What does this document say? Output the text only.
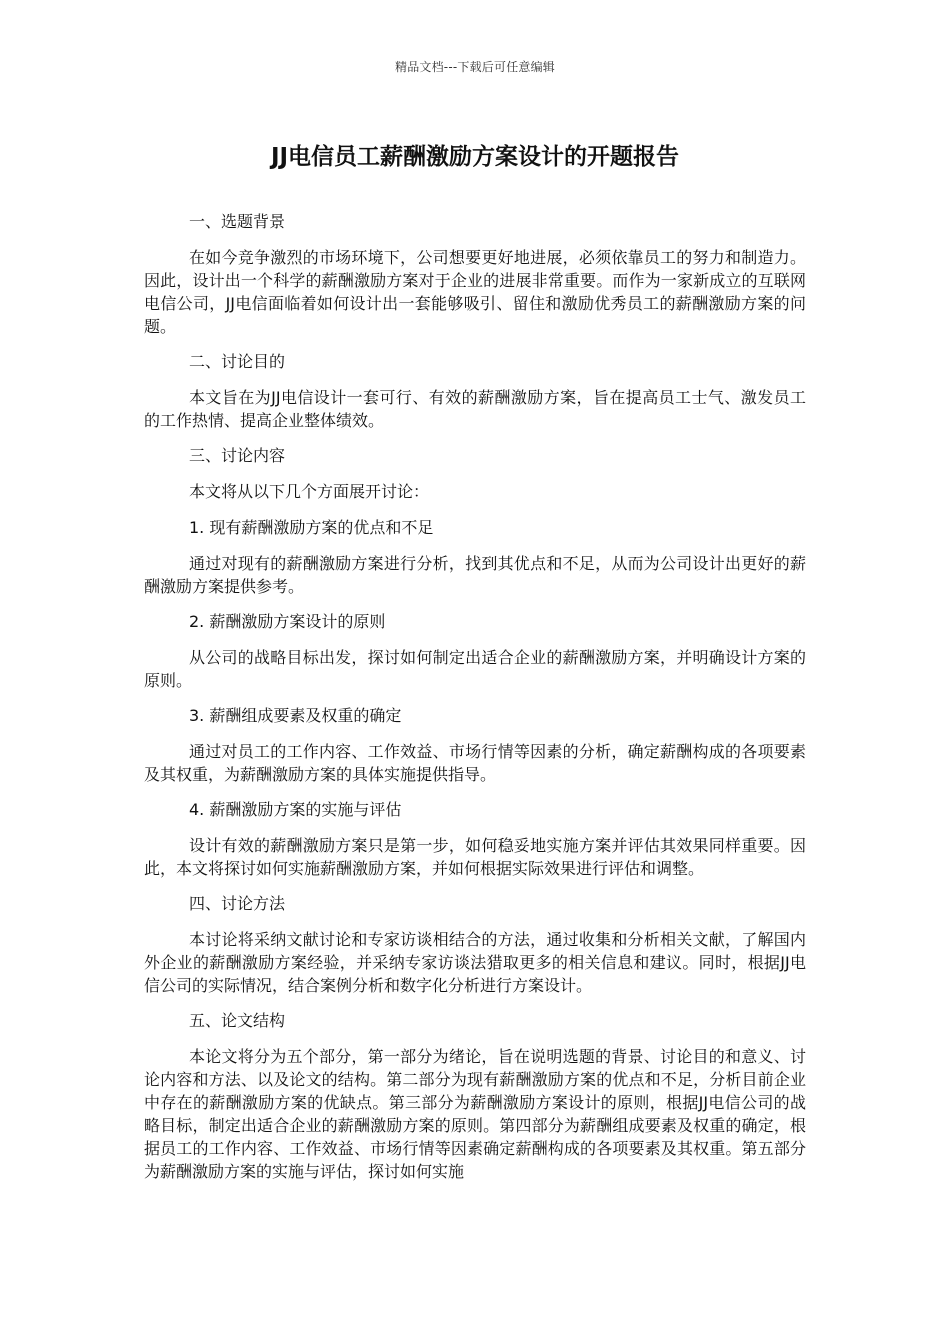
精品文档---下载后可任意编辑
JJ电信员工薪酬激励方案设计的开题报告

一、选题背景

在如今竞争激烈的市场环境下，公司想要更好地进展，必须依靠员工的努力和制造力。因此，设计出一个科学的薪酬激励方案对于企业的进展非常重要。而作为一家新成立的互联网电信公司，JJ电信面临着如何设计出一套能够吸引、留住和激励优秀员工的薪酬激励方案的问题。

二、讨论目的

本文旨在为JJ电信设计一套可行、有效的薪酬激励方案，旨在提高员工士气、激发员工的工作热情、提高企业整体绩效。

三、讨论内容

本文将从以下几个方面展开讨论：

1. 现有薪酬激励方案的优点和不足

通过对现有的薪酬激励方案进行分析，找到其优点和不足，从而为公司设计出更好的薪酬激励方案提供参考。

2. 薪酬激励方案设计的原则

从公司的战略目标出发，探讨如何制定出适合企业的薪酬激励方案，并明确设计方案的原则。

3. 薪酬组成要素及权重的确定

通过对员工的工作内容、工作效益、市场行情等因素的分析，确定薪酬构成的各项要素及其权重，为薪酬激励方案的具体实施提供指导。

4. 薪酬激励方案的实施与评估

设计有效的薪酬激励方案只是第一步，如何稳妥地实施方案并评估其效果同样重要。因此，本文将探讨如何实施薪酬激励方案，并如何根据实际效果进行评估和调整。

四、讨论方法

本讨论将采纳文献讨论和专家访谈相结合的方法，通过收集和分析相关文献，了解国内外企业的薪酬激励方案经验，并采纳专家访谈法猎取更多的相关信息和建议。同时，根据JJ电信公司的实际情况，结合案例分析和数字化分析进行方案设计。

五、论文结构

本论文将分为五个部分，第一部分为绪论，旨在说明选题的背景、讨论目的和意义、讨论内容和方法、以及论文的结构。第二部分为现有薪酬激励方案的优点和不足，分析目前企业中存在的薪酬激励方案的优缺点。第三部分为薪酬激励方案设计的原则，根据JJ电信公司的战略目标，制定出适合企业的薪酬激励方案的原则。第四部分为薪酬组成要素及权重的确定，根据员工的工作内容、工作效益、市场行情等因素确定薪酬构成的各项要素及其权重。第五部分为薪酬激励方案的实施与评估，探讨如何实施
